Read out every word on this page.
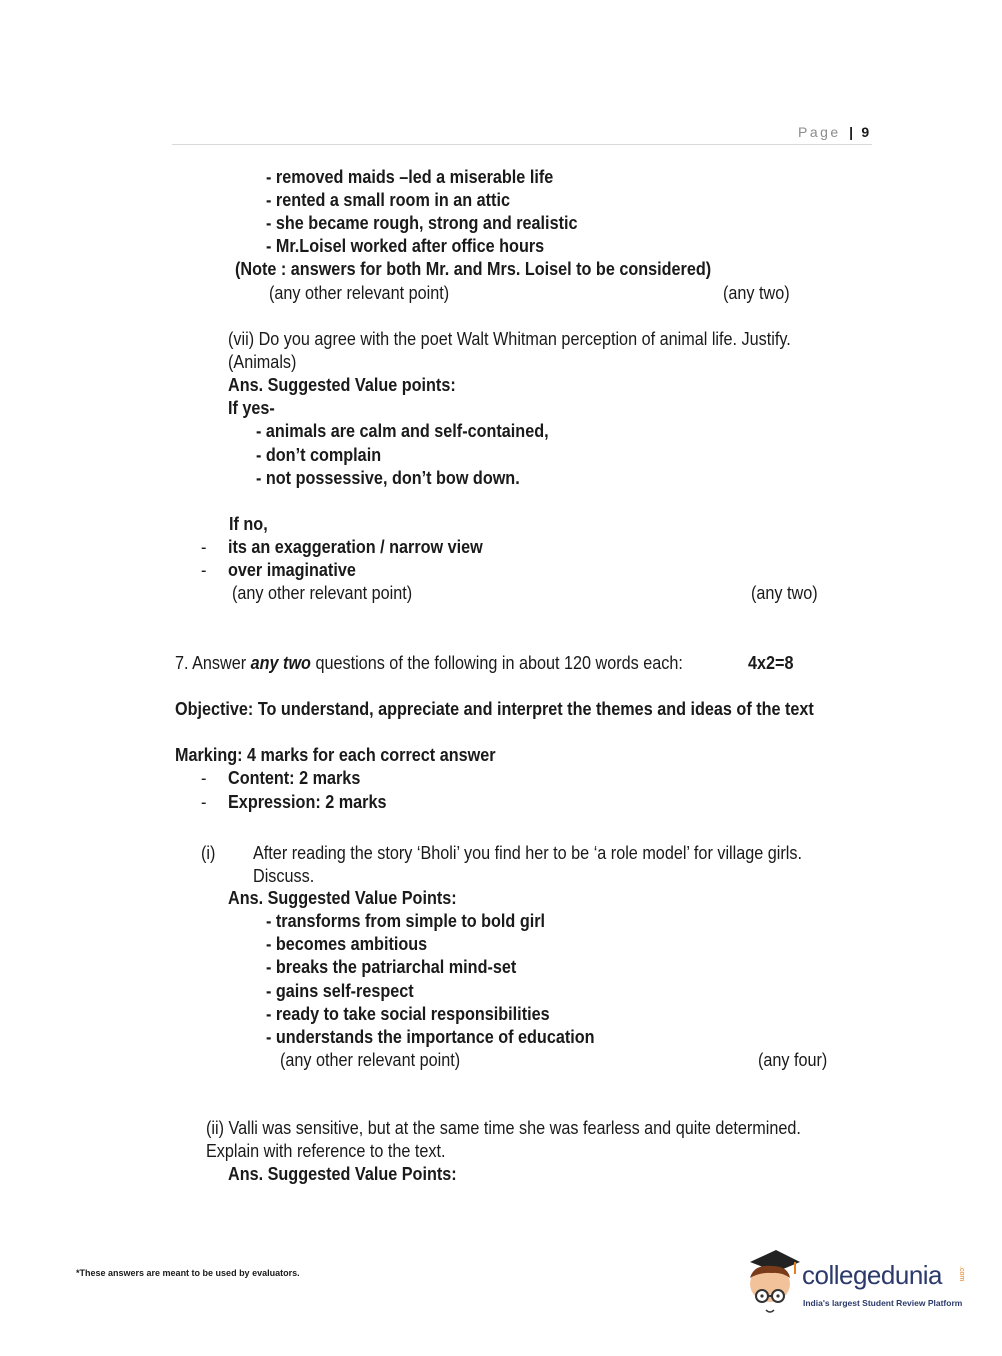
Page | 9
- removed maids –led a miserable life
- rented a small room in an attic
- she became rough, strong and realistic
- Mr.Loisel worked after office hours
(Note : answers for both Mr. and Mrs. Loisel to be considered)
(any other relevant point)	(any two)
(vii) Do you agree with the poet Walt Whitman perception of animal life. Justify.
(Animals)
Ans. Suggested Value points:
If yes-
- animals are calm and self-contained,
- don’t complain
- not possessive, don’t bow down.
If no,
- its an exaggeration / narrow view
- over imaginative
(any other relevant point)	(any two)
7. Answer any two questions of the following in about 120 words each:	4x2=8
Objective: To understand, appreciate and interpret the themes and ideas of the text
Marking: 4 marks for each correct answer
- Content: 2 marks
- Expression: 2 marks
(i) After reading the story ‘Bholi’ you find her to be ‘a role model’ for village girls.
Discuss.
Ans. Suggested Value Points:
- transforms from simple to bold girl
- becomes ambitious
- breaks the patriarchal mind-set
- gains self-respect
- ready to take social responsibilities
- understands the importance of education
(any other relevant point)	(any four)
(ii) Valli was sensitive, but at the same time she was fearless and quite determined.
Explain with reference to the text.
Ans. Suggested Value Points:
*These answers are meant to be used by evaluators.	collegedunia .com
India's largest Student Review Platform
